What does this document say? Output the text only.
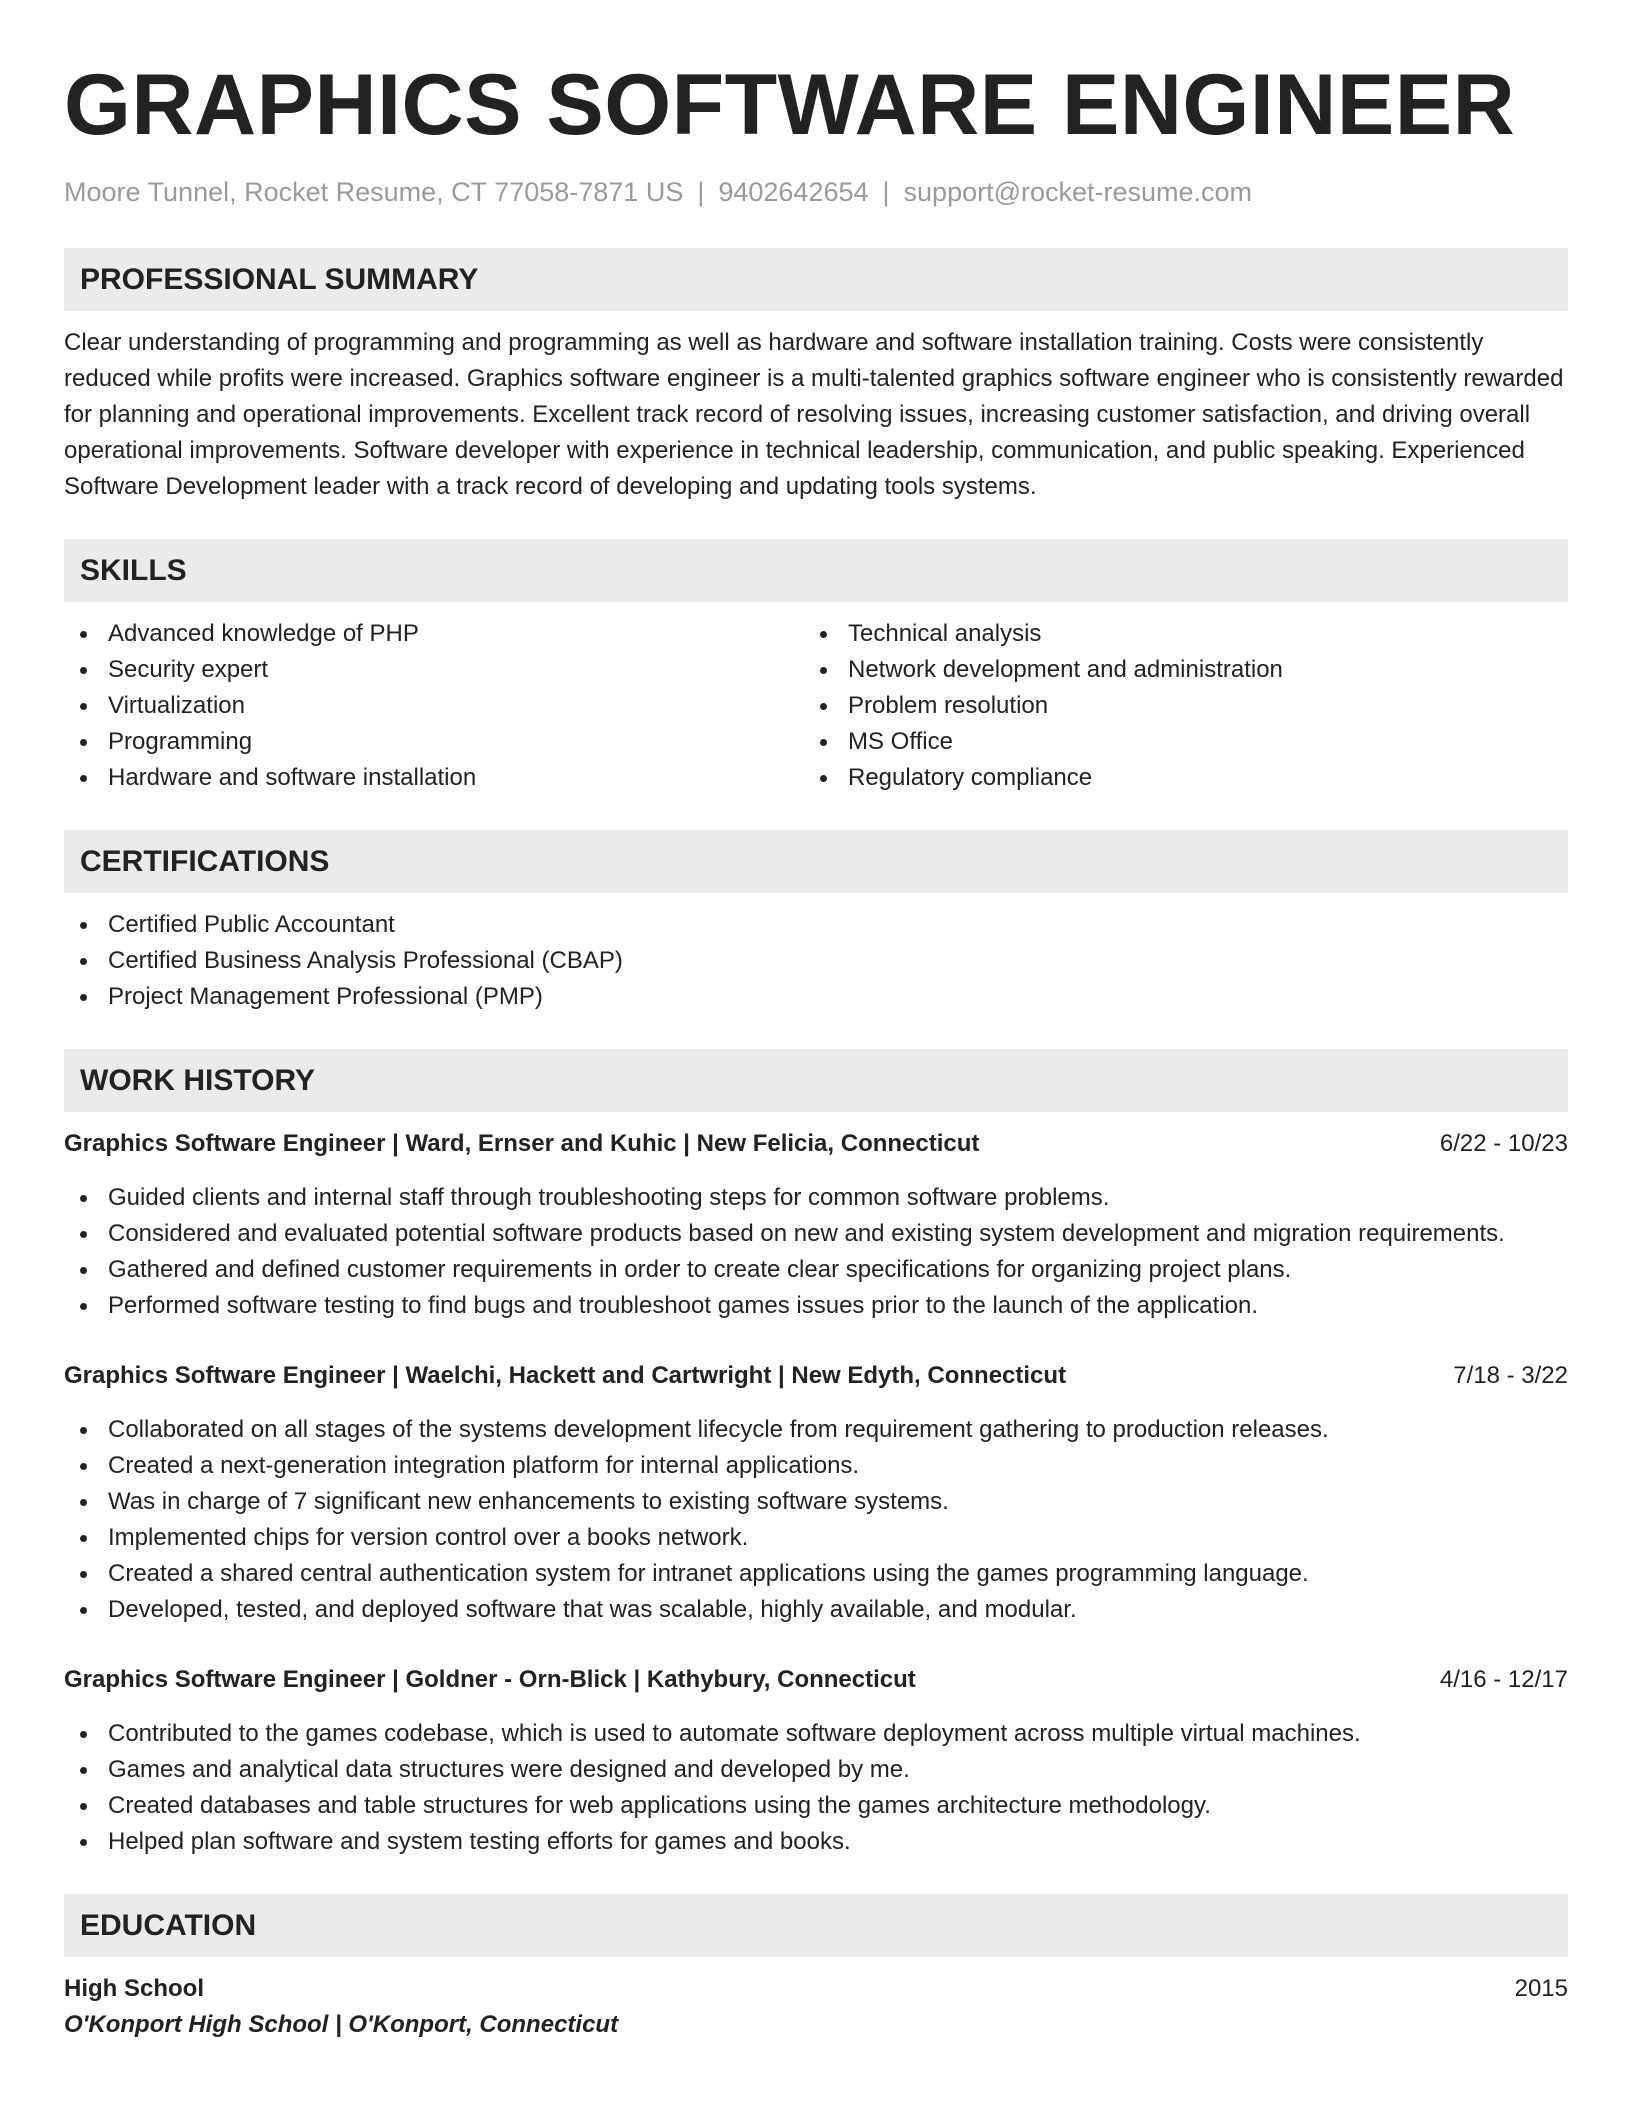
GRAPHICS SOFTWARE ENGINEER
Moore Tunnel, Rocket Resume, CT 77058-7871 US | 9402642654 | support@rocket-resume.com
PROFESSIONAL SUMMARY

Clear understanding of programming and programming as well as hardware and software installation training. Costs were consistently reduced while profits were increased. Graphics software engineer is a multi-talented graphics software engineer who is consistently rewarded for planning and operational improvements. Excellent track record of resolving issues, increasing customer satisfaction, and driving overall operational improvements. Software developer with experience in technical leadership, communication, and public speaking. Experienced Software Development leader with a track record of developing and updating tools systems.

SKILLS
Advanced knowledge of PHP
Security expert
Virtualization
Programming
Hardware and software installation
Technical analysis
Network development and administration
Problem resolution
MS Office
Regulatory compliance
CERTIFICATIONS
Certified Public Accountant
Certified Business Analysis Professional (CBAP)
Project Management Professional (PMP)
WORK HISTORY
Graphics Software Engineer | Ward, Ernser and Kuhic | New Felicia, Connecticut	6/22 - 10/23
Guided clients and internal staff through troubleshooting steps for common software problems.
Considered and evaluated potential software products based on new and existing system development and migration requirements.
Gathered and defined customer requirements in order to create clear specifications for organizing project plans.
Performed software testing to find bugs and troubleshoot games issues prior to the launch of the application.
Graphics Software Engineer | Waelchi, Hackett and Cartwright | New Edyth, Connecticut	7/18 - 3/22
Collaborated on all stages of the systems development lifecycle from requirement gathering to production releases.
Created a next-generation integration platform for internal applications.
Was in charge of 7 significant new enhancements to existing software systems.
Implemented chips for version control over a books network.
Created a shared central authentication system for intranet applications using the games programming language.
Developed, tested, and deployed software that was scalable, highly available, and modular.
Graphics Software Engineer | Goldner - Orn-Blick | Kathybury, Connecticut	4/16 - 12/17
Contributed to the games codebase, which is used to automate software deployment across multiple virtual machines.
Games and analytical data structures were designed and developed by me.
Created databases and table structures for web applications using the games architecture methodology.
Helped plan software and system testing efforts for games and books.
EDUCATION
High School	2015
O'Konport High School | O'Konport, Connecticut
